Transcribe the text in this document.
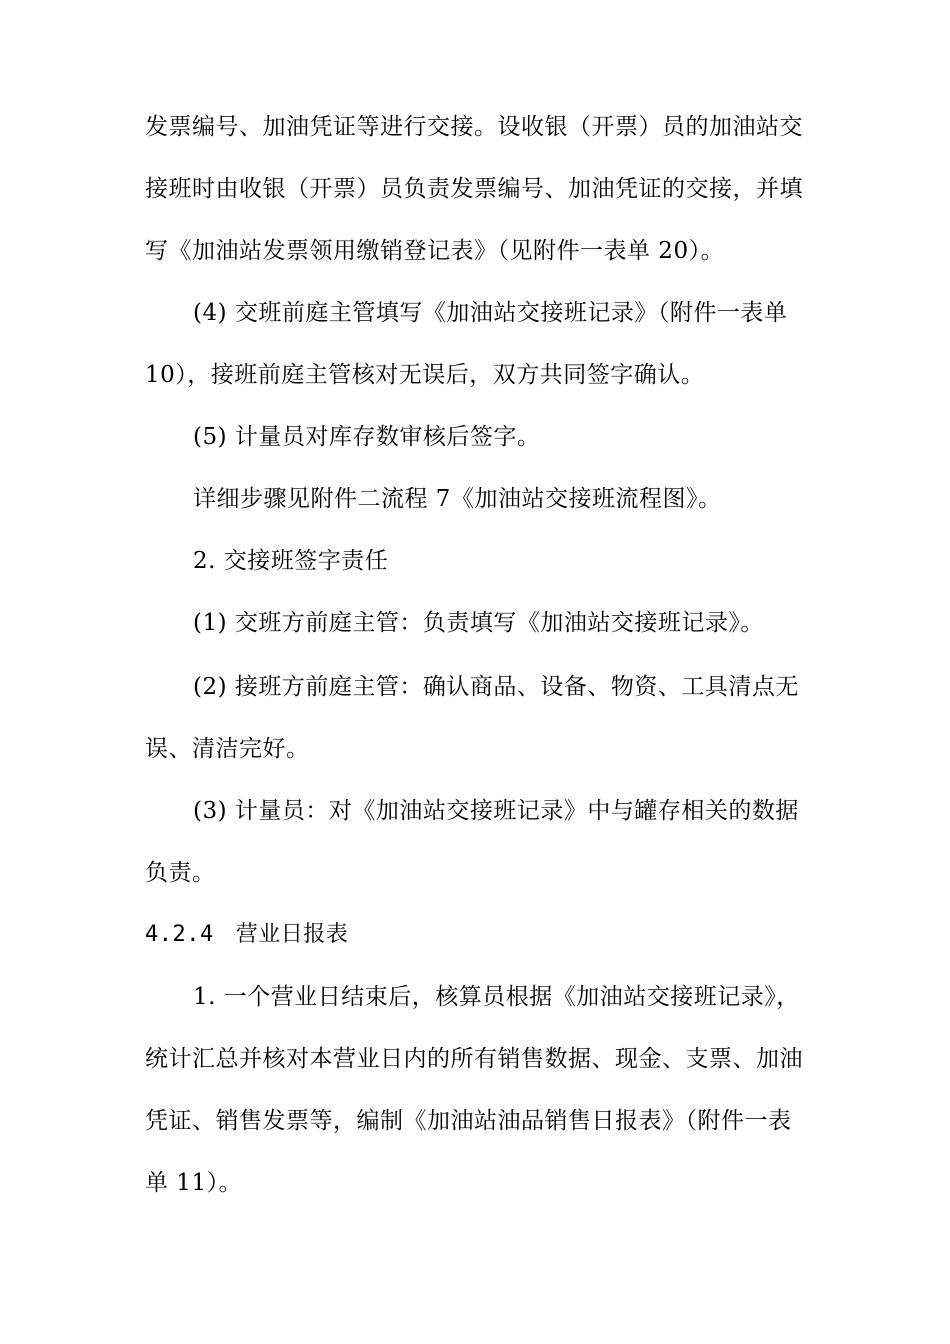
发票编号、加油凭证等进行交接。设收银（开票）员的加油站交
接班时由收银（开票）员负责发票编号、加油凭证的交接，并填
写《加油站发票领用缴销登记表》（见附件一表单 20）。
(4) 交班前庭主管填写《加油站交接班记录》（附件一表单
10），接班前庭主管核对无误后，双方共同签字确认。
(5) 计量员对库存数审核后签字。
详细步骤见附件二流程 7《加油站交接班流程图》。
2. 交接班签字责任
(1) 交班方前庭主管：负责填写《加油站交接班记录》。
(2) 接班方前庭主管：确认商品、设备、物资、工具清点无
误、清洁完好。
(3) 计量员：对《加油站交接班记录》中与罐存相关的数据
负责。
4.2.4 营业日报表
1. 一个营业日结束后，核算员根据《加油站交接班记录》，
统计汇总并核对本营业日内的所有销售数据、现金、支票、加油
凭证、销售发票等，编制《加油站油品销售日报表》（附件一表
单 11）。
